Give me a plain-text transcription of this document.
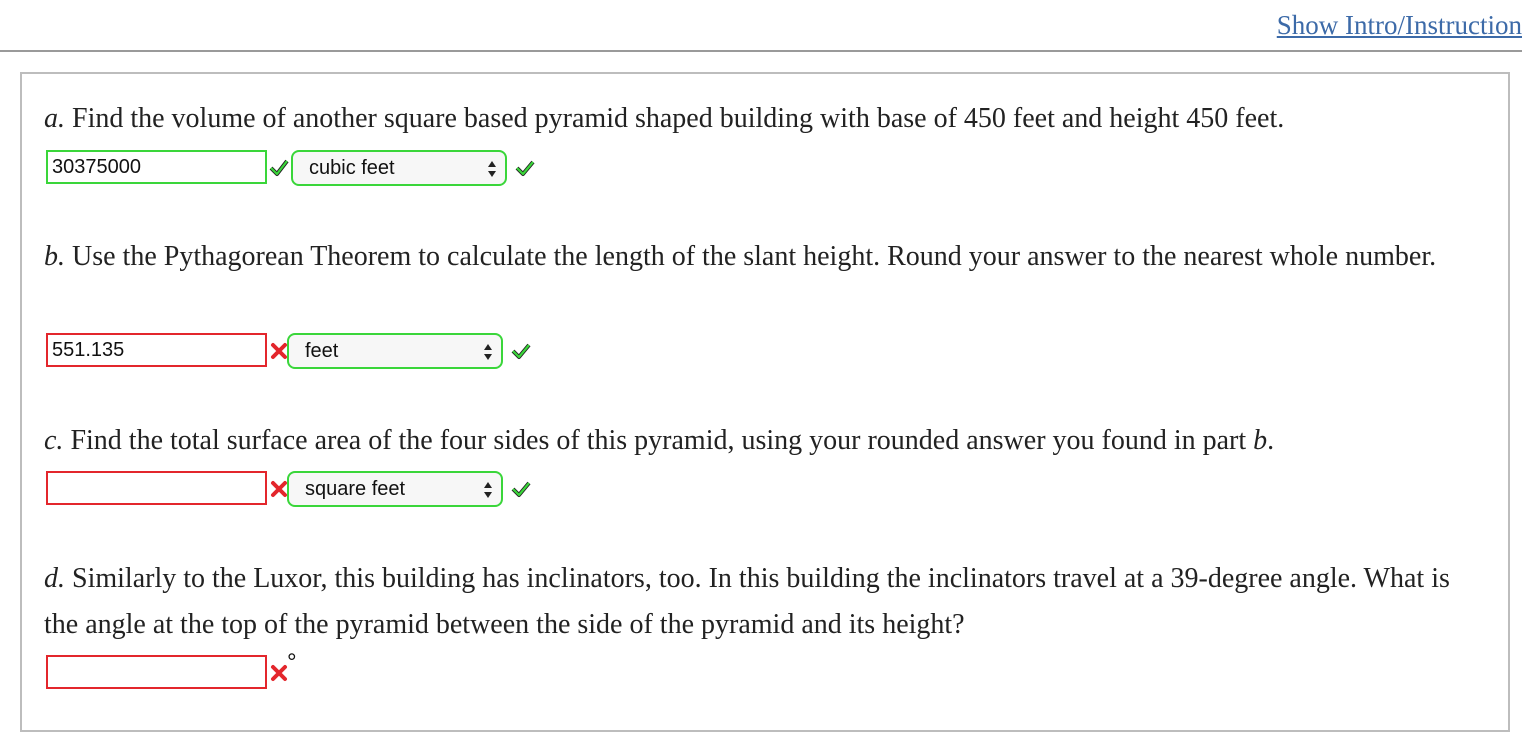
Show Intro/Instruction
a. Find the volume of another square based pyramid shaped building with base of 450 feet and height 450 feet.
30375000
cubic feet
b. Use the Pythagorean Theorem to calculate the length of the slant height. Round your answer to the nearest whole number.
551.135
feet
c. Find the total surface area of the four sides of this pyramid, using your rounded answer you found in part b.
square feet
d. Similarly to the Luxor, this building has inclinators, too. In this building the inclinators travel at a 39-degree angle. What is the angle at the top of the pyramid between the side of the pyramid and its height?
°
